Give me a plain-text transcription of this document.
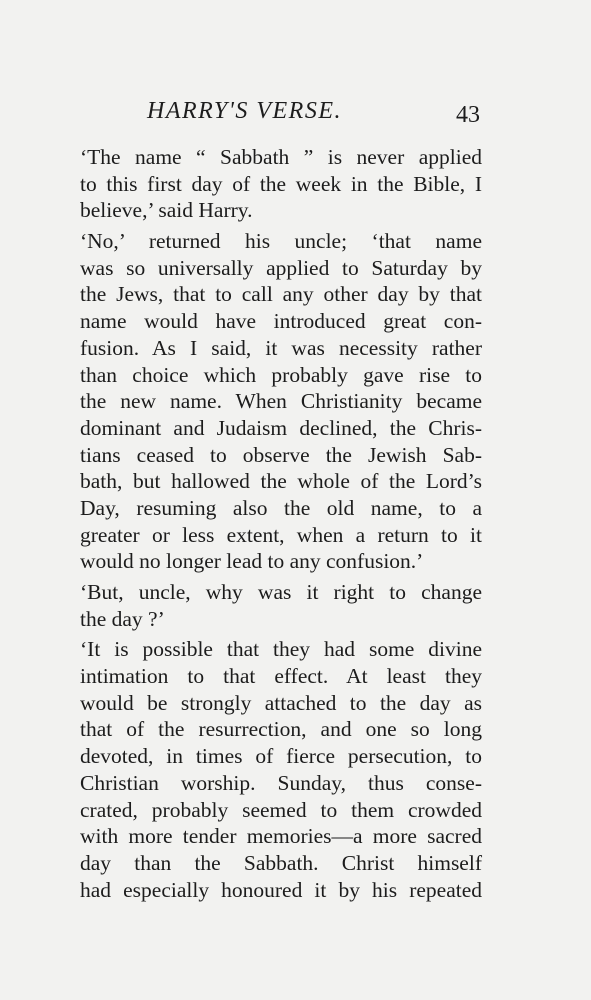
HARRY'S VERSE.	43
‘The name “ Sabbath ” is never applied
to this first day of the week in the Bible, I
believe,’ said Harry.
‘No,’ returned his uncle; ‘that name
was so universally applied to Saturday by
the Jews, that to call any other day by that
name would have introduced great con-
fusion. As I said, it was necessity rather
than choice which probably gave rise to
the new name. When Christianity became
dominant and Judaism declined, the Chris-
tians ceased to observe the Jewish Sab-
bath, but hallowed the whole of the Lord’s
Day, resuming also the old name, to a
greater or less extent, when a return to it
would no longer lead to any confusion.’
‘But, uncle, why was it right to change
the day ?’
‘It is possible that they had some divine
intimation to that effect. At least they
would be strongly attached to the day as
that of the resurrection, and one so long
devoted, in times of fierce persecution, to
Christian worship. Sunday, thus conse-
crated, probably seemed to them crowded
with more tender memories—a more sacred
day than the Sabbath. Christ himself
had especially honoured it by his repeated
